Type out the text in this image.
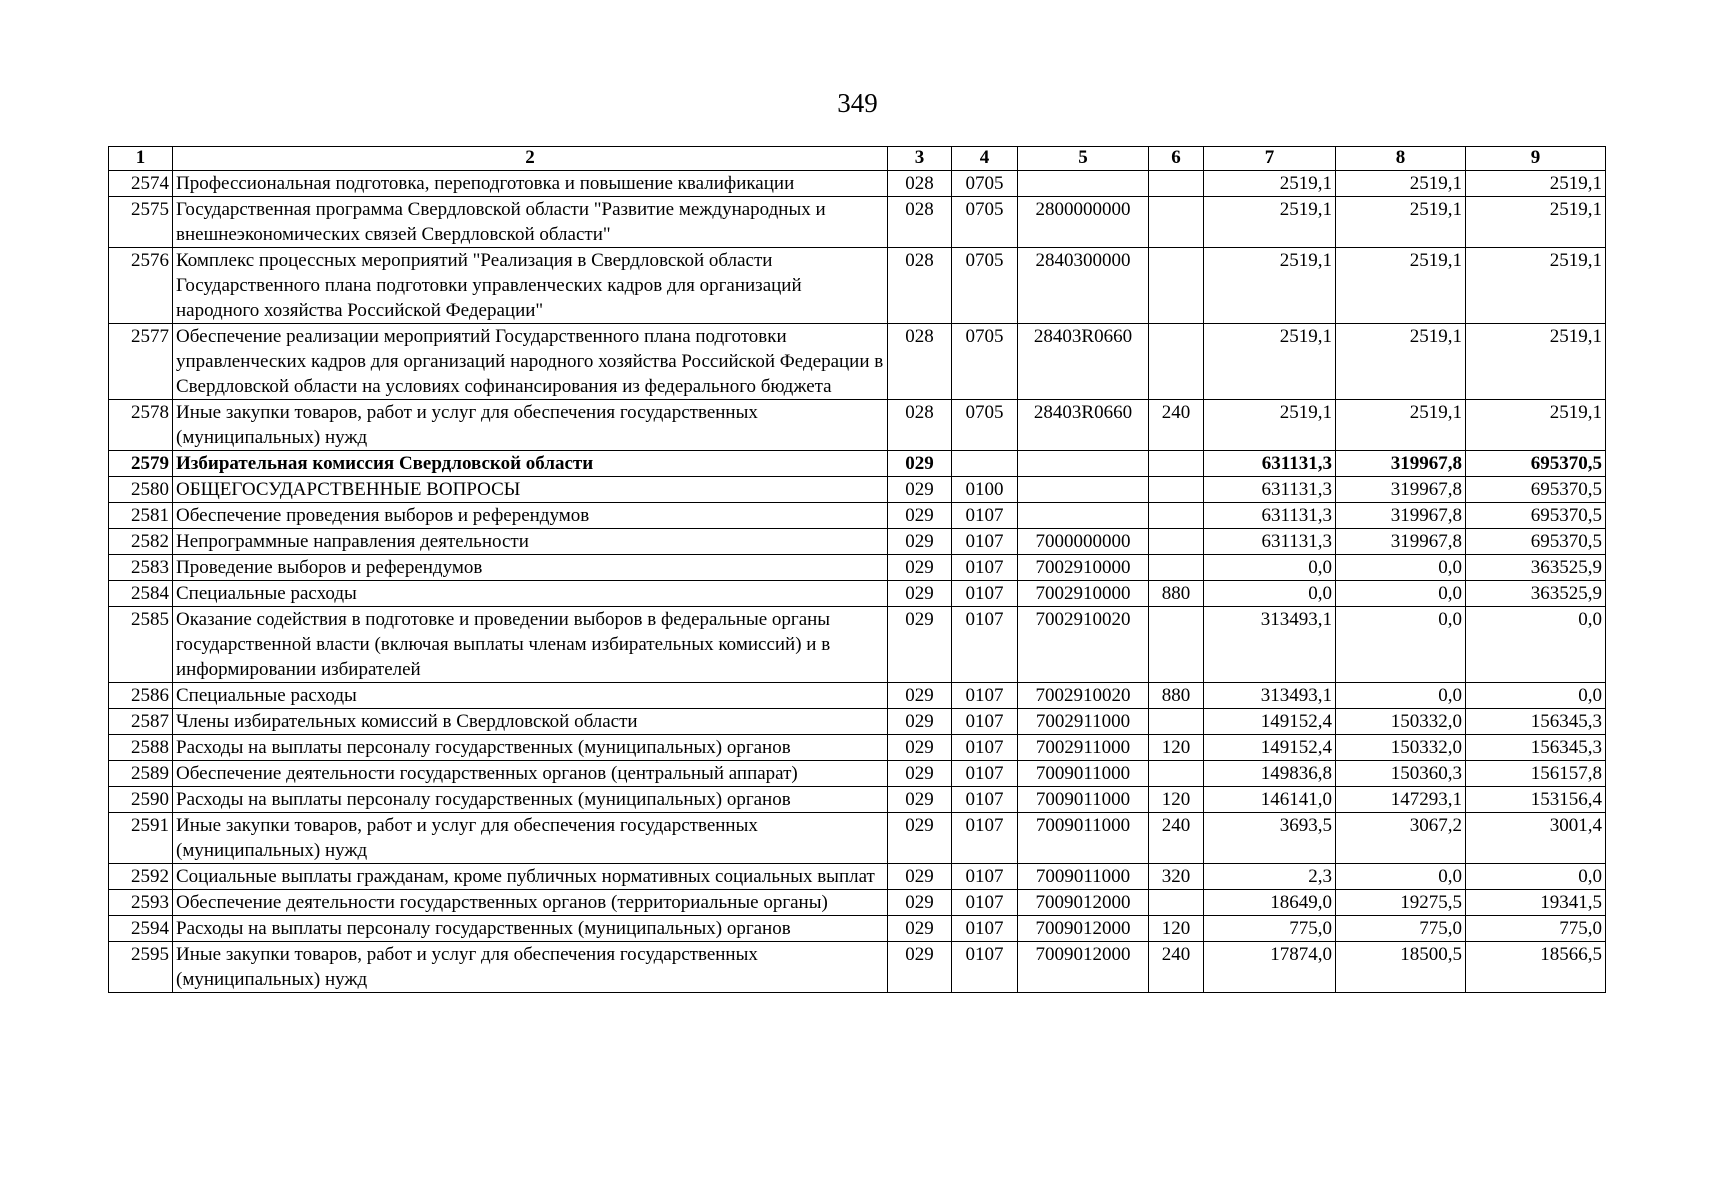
349
1	2	3	4	5	6	7	8	9
2574	Профессиональная подготовка, переподготовка и повышение квалификации	028	0705			2519,1	2519,1	2519,1
2575	Государственная программа Свердловской области "Развитие международных и внешнеэкономических связей Свердловской области"	028	0705	2800000000		2519,1	2519,1	2519,1
2576	Комплекс процессных мероприятий "Реализация в Свердловской области Государственного плана подготовки управленческих кадров для организаций народного хозяйства Российской Федерации"	028	0705	2840300000		2519,1	2519,1	2519,1
2577	Обеспечение реализации мероприятий Государственного плана подготовки управленческих кадров для организаций народного хозяйства Российской Федерации в Свердловской области на условиях софинансирования из федерального бюджета	028	0705	28403R0660		2519,1	2519,1	2519,1
2578	Иные закупки товаров, работ и услуг для обеспечения государственных (муниципальных) нужд	028	0705	28403R0660	240	2519,1	2519,1	2519,1
2579	Избирательная комиссия Свердловской области	029				631131,3	319967,8	695370,5
2580	ОБЩЕГОСУДАРСТВЕННЫЕ ВОПРОСЫ	029	0100			631131,3	319967,8	695370,5
2581	Обеспечение проведения выборов и референдумов	029	0107			631131,3	319967,8	695370,5
2582	Непрограммные направления деятельности	029	0107	7000000000		631131,3	319967,8	695370,5
2583	Проведение выборов и референдумов	029	0107	7002910000		0,0	0,0	363525,9
2584	Специальные расходы	029	0107	7002910000	880	0,0	0,0	363525,9
2585	Оказание содействия в подготовке и проведении выборов в федеральные органы государственной власти (включая выплаты членам избирательных комиссий) и в информировании избирателей	029	0107	7002910020		313493,1	0,0	0,0
2586	Специальные расходы	029	0107	7002910020	880	313493,1	0,0	0,0
2587	Члены избирательных комиссий в Свердловской области	029	0107	7002911000		149152,4	150332,0	156345,3
2588	Расходы на выплаты персоналу государственных (муниципальных) органов	029	0107	7002911000	120	149152,4	150332,0	156345,3
2589	Обеспечение деятельности государственных органов (центральный аппарат)	029	0107	7009011000		149836,8	150360,3	156157,8
2590	Расходы на выплаты персоналу государственных (муниципальных) органов	029	0107	7009011000	120	146141,0	147293,1	153156,4
2591	Иные закупки товаров, работ и услуг для обеспечения государственных (муниципальных) нужд	029	0107	7009011000	240	3693,5	3067,2	3001,4
2592	Социальные выплаты гражданам, кроме публичных нормативных социальных выплат	029	0107	7009011000	320	2,3	0,0	0,0
2593	Обеспечение деятельности государственных органов (территориальные органы)	029	0107	7009012000		18649,0	19275,5	19341,5
2594	Расходы на выплаты персоналу государственных (муниципальных) органов	029	0107	7009012000	120	775,0	775,0	775,0
2595	Иные закупки товаров, работ и услуг для обеспечения государственных (муниципальных) нужд	029	0107	7009012000	240	17874,0	18500,5	18566,5
